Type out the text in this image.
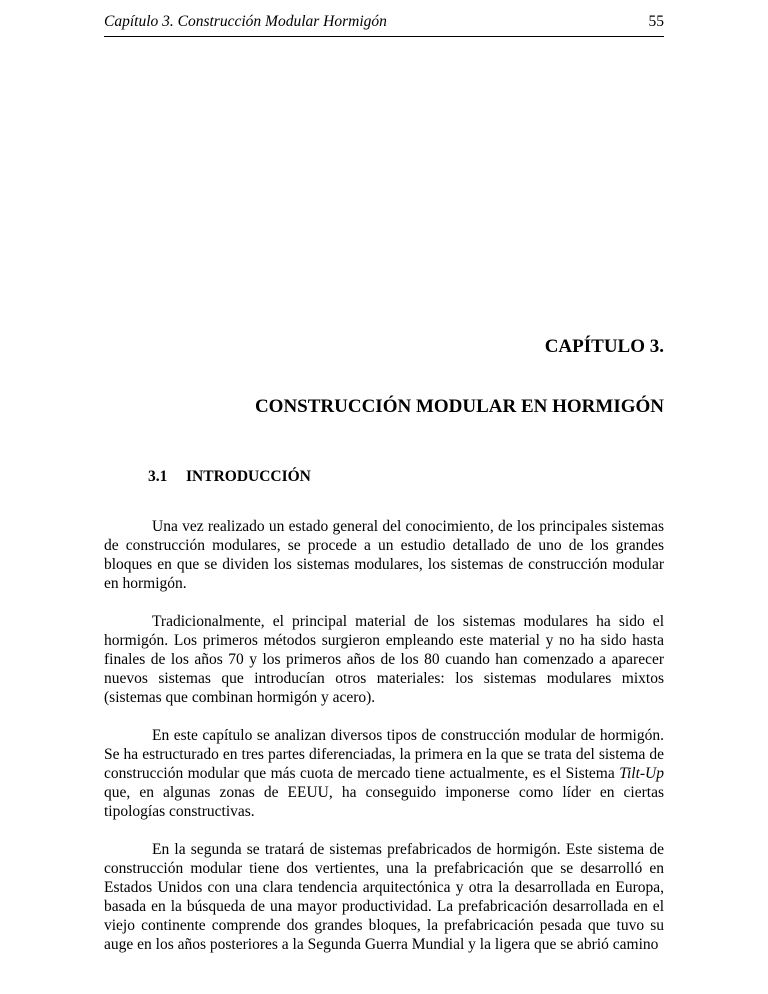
Capítulo 3. Construcción Modular Hormigón	55
CAPÍTULO 3.
CONSTRUCCIÓN MODULAR EN HORMIGÓN
3.1 INTRODUCCIÓN

Una vez realizado un estado general del conocimiento, de los principales sistemas de construcción modulares, se procede a un estudio detallado de uno de los grandes bloques en que se dividen los sistemas modulares, los sistemas de construcción modular en hormigón.

Tradicionalmente, el principal material de los sistemas modulares ha sido el hormigón. Los primeros métodos surgieron empleando este material y no ha sido hasta finales de los años 70 y los primeros años de los 80 cuando han comenzado a aparecer nuevos sistemas que introducían otros materiales: los sistemas modulares mixtos (sistemas que combinan hormigón y acero).

En este capítulo se analizan diversos tipos de construcción modular de hormigón. Se ha estructurado en tres partes diferenciadas, la primera en la que se trata del sistema de construcción modular que más cuota de mercado tiene actualmente, es el Sistema Tilt-Up que, en algunas zonas de EEUU, ha conseguido imponerse como líder en ciertas tipologías constructivas.

En la segunda se tratará de sistemas prefabricados de hormigón. Este sistema de construcción modular tiene dos vertientes, una la prefabricación que se desarrolló en Estados Unidos con una clara tendencia arquitectónica y otra la desarrollada en Europa, basada en la búsqueda de una mayor productividad. La prefabricación desarrollada en el viejo continente comprende dos grandes bloques, la prefabricación pesada que tuvo su auge en los años posteriores a la Segunda Guerra Mundial y la ligera que se abrió camino
